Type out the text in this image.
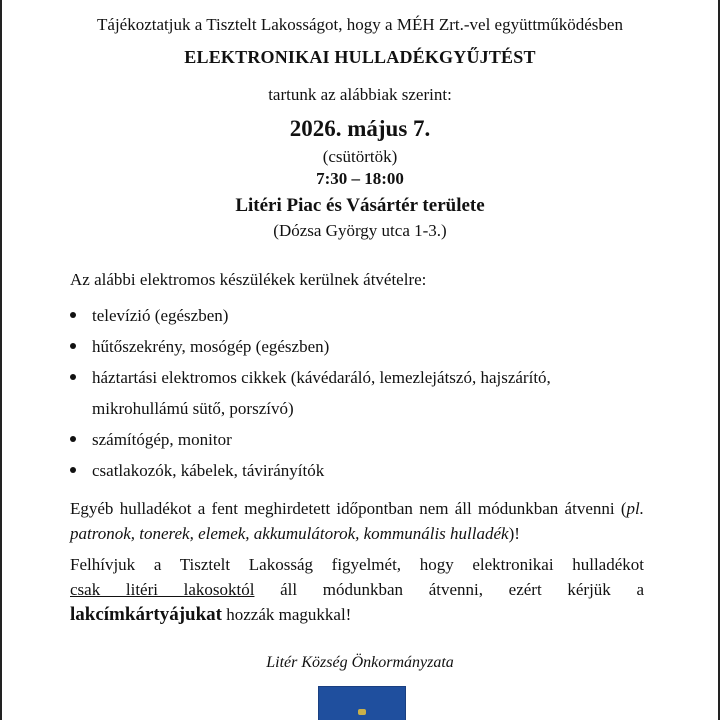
Tájékoztatjuk a Tisztelt Lakosságot, hogy a MÉH Zrt.-vel együttműködésben
ELEKTRONIKAI HULLADÉKGYŰJTÉST
tartunk az alábbiak szerint:
2026. május 7.
(csütörtök)
7:30 – 18:00
Litéri Piac és Vásártér területe
(Dózsa György utca 1-3.)
Az alábbi elektromos készülékek kerülnek átvételre:
televízió (egészben)
hűtőszekrény, mosógép (egészben)
háztartási elektromos cikkek (kávédaráló, lemezlejátszó, hajszárító,
mikrohullámú sütő, porszívó)
számítógép, monitor
csatlakozók, kábelek, távirányítók
Egyéb hulladékot a fent meghirdetett időpontban nem áll módunkban átvenni (pl. patronok, tonerek, elemek, akkumulátorok, kommunális hulladék)!
Felhívjuk a Tisztelt Lakosság figyelmét, hogy elektronikai hulladékot
csak litéri lakosoktól áll módunkban átvenni, ezért kérjük a
lakcímkártyájukat hozzák magukkal!
Litér Község Önkormányzata
